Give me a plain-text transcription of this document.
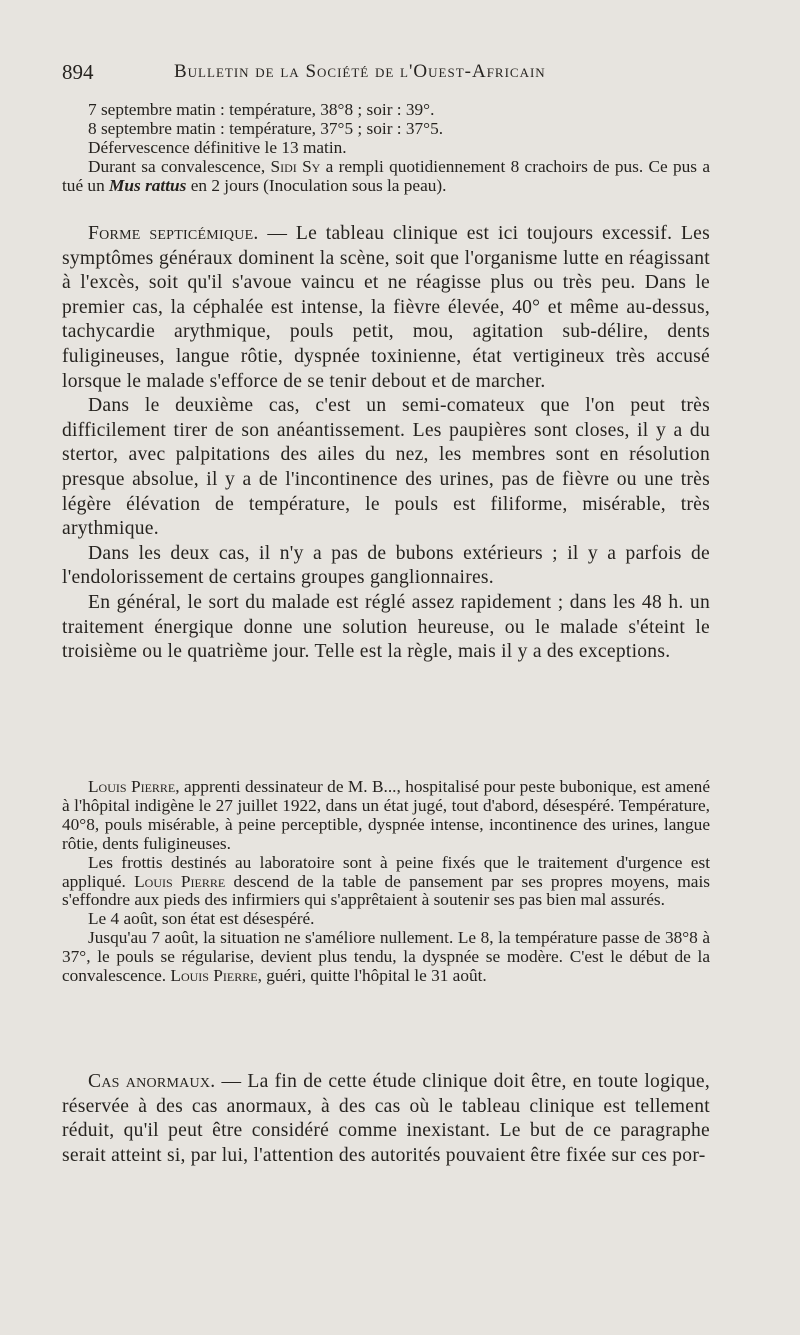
894	Bulletin de la Société de l'Ouest-Africain

7 septembre matin : température, 38°8 ; soir : 39°.

8 septembre matin : température, 37°5 ; soir : 37°5.

Défervescence définitive le 13 matin.

Durant sa convalescence, Sidi Sy a rempli quotidiennement 8 crachoirs de pus. Ce pus a tué un Mus rattus en 2 jours (Inoculation sous la peau).

Forme septicémique. — Le tableau clinique est ici toujours excessif. Les symptômes généraux dominent la scène, soit que l'organisme lutte en réagissant à l'excès, soit qu'il s'avoue vaincu et ne réagisse plus ou très peu. Dans le premier cas, la céphalée est intense, la fièvre élevée, 40° et même au-dessus, tachycardie arythmique, pouls petit, mou, agitation sub-délire, dents fuligineuses, langue rôtie, dyspnée toxinienne, état vertigineux très accusé lorsque le malade s'efforce de se tenir debout et de marcher.

Dans le deuxième cas, c'est un semi-comateux que l'on peut très difficilement tirer de son anéantissement. Les paupières sont closes, il y a du stertor, avec palpitations des ailes du nez, les membres sont en résolution presque absolue, il y a de l'incontinence des urines, pas de fièvre ou une très légère élévation de température, le pouls est filiforme, misérable, très arythmique.

Dans les deux cas, il n'y a pas de bubons extérieurs ; il y a parfois de l'endolorissement de certains groupes ganglionnaires.

En général, le sort du malade est réglé assez rapidement ; dans les 48 h. un traitement énergique donne une solution heureuse, ou le malade s'éteint le troisième ou le quatrième jour. Telle est la règle, mais il y a des exceptions.

Louis Pierre, apprenti dessinateur de M. B..., hospitalisé pour peste bubonique, est amené à l'hôpital indigène le 27 juillet 1922, dans un état jugé, tout d'abord, désespéré. Température, 40°8, pouls misérable, à peine perceptible, dyspnée intense, incontinence des urines, langue rôtie, dents fuligineuses.

Les frottis destinés au laboratoire sont à peine fixés que le traitement d'urgence est appliqué. Louis Pierre descend de la table de pansement par ses propres moyens, mais s'effondre aux pieds des infirmiers qui s'apprêtaient à soutenir ses pas bien mal assurés.

Le 4 août, son état est désespéré.

Jusqu'au 7 août, la situation ne s'améliore nullement. Le 8, la température passe de 38°8 à 37°, le pouls se régularise, devient plus tendu, la dyspnée se modère. C'est le début de la convalescence. Louis Pierre, guéri, quitte l'hôpital le 31 août.

Cas anormaux. — La fin de cette étude clinique doit être, en toute logique, réservée à des cas anormaux, à des cas où le tableau clinique est tellement réduit, qu'il peut être considéré comme inexistant. Le but de ce paragraphe serait atteint si, par lui, l'attention des autorités pouvaient être fixée sur ces por-
